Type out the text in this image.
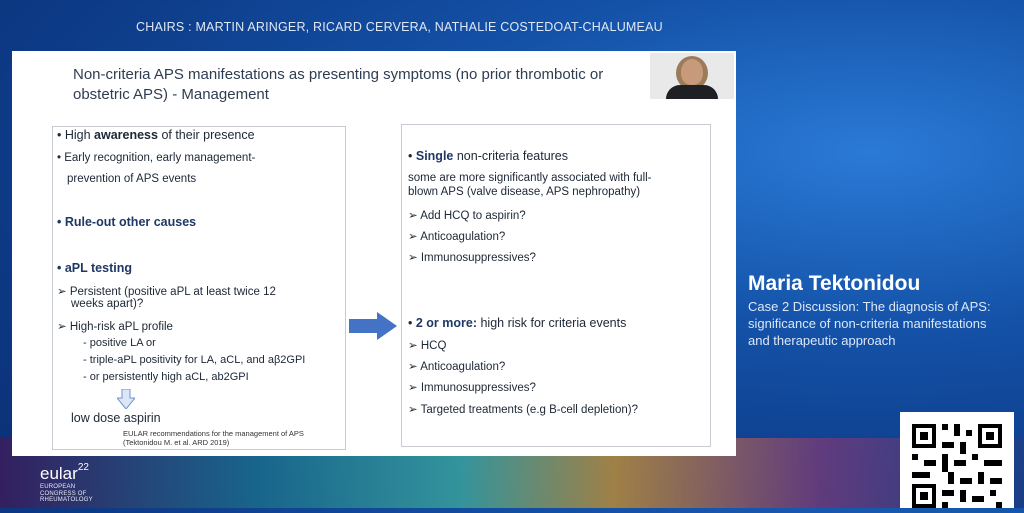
CHAIRS : MARTIN ARINGER, RICARD CERVERA, NATHALIE COSTEDOAT-CHALUMEAU
Non-criteria APS manifestations as presenting symptoms (no prior thrombotic or
obstetric APS) - Management
• High awareness of their presence
• Early recognition, early management-
prevention of APS events
• Rule-out other causes
• aPL testing
➢ Persistent (positive aPL at least twice 12
weeks apart)?
➢ High-risk aPL profile
- positive LA or
- triple-aPL positivity for LA, aCL, and aβ2GPI
- or persistently high aCL, ab2GPI
low dose aspirin
EULAR recommendations for the management of APS
(Tektonidou M. et al. ARD 2019)
• Single non-criteria features
some are more significantly associated with full-
blown APS (valve disease, APS nephropathy)
➢ Add HCQ to aspirin?
➢ Anticoagulation?
➢ Immunosuppressives?
• 2 or more: high risk for criteria events
➢ HCQ
➢ Anticoagulation?
➢ Immunosuppressives?
➢ Targeted treatments (e.g B-cell depletion)?
Maria Tektonidou
Case 2 Discussion: The diagnosis of APS: significance of non-criteria manifestations and therapeutic approach
eular$^{22}$
EUROPEAN
CONGRESS OF
RHEUMATOLOGY
